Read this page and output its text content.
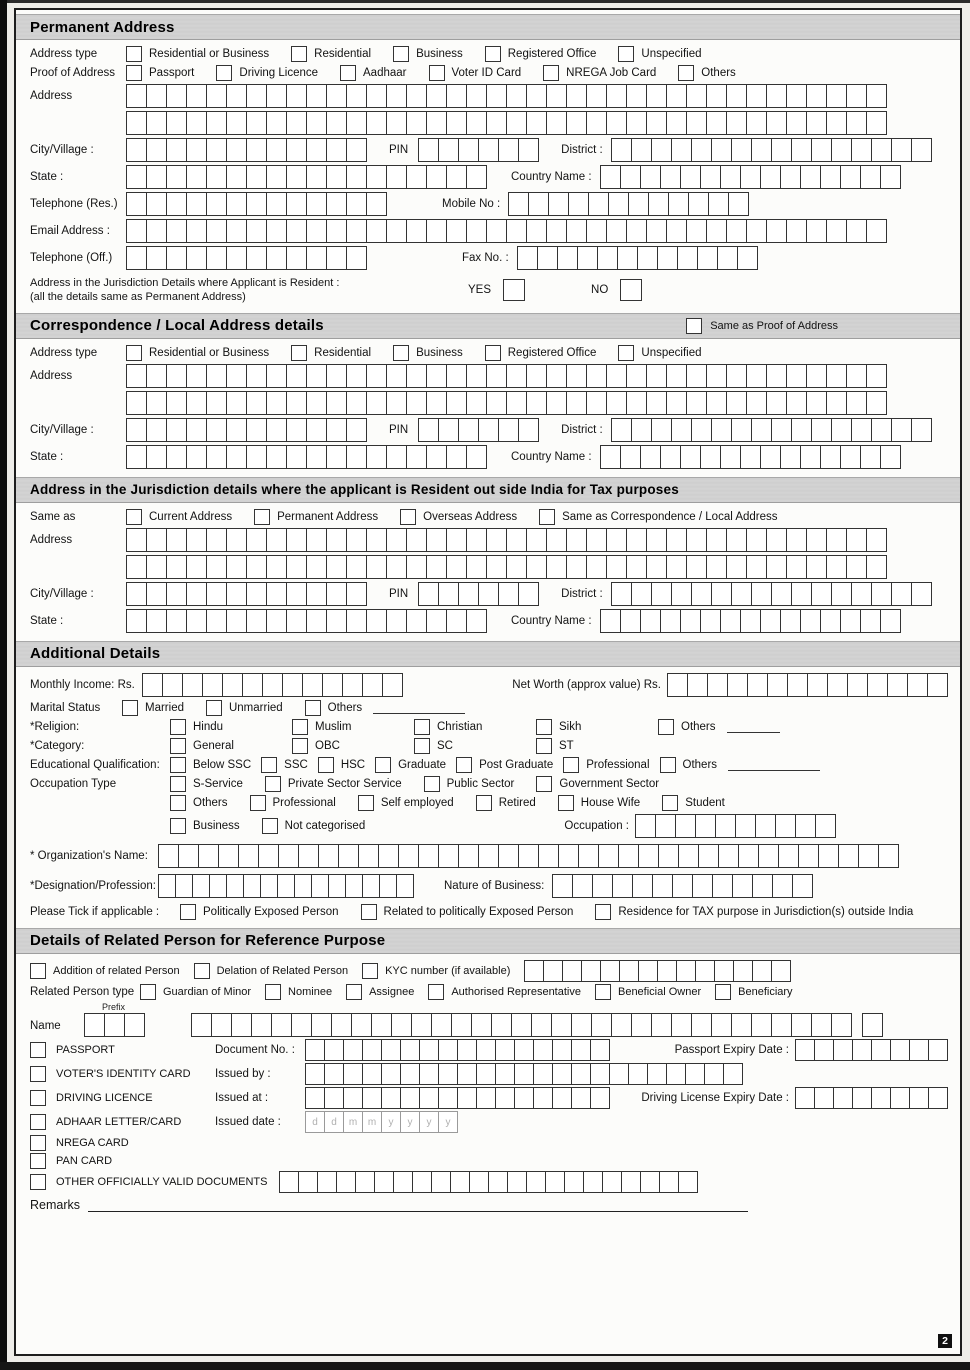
Permanent Address
Address type	Residential or Business	Residential	Business	Registered Office	Unspecified
Proof of Address	Passport	Driving Licence	Aadhaar	Voter ID Card	NREGA Job Card	Others
Address
City/Village :	PIN	District :
State :	Country Name :
Telephone (Res.)	Mobile No :
Email Address :
Telephone (Off.)	Fax No. :
Address in the Jurisdiction Details where Applicant is Resident :
(all the details same as Permanent Address)
YES	NO
Correspondence / Local Address details	Same as Proof of Address
Address type	Residential or Business	Residential	Business	Registered Office	Unspecified
Address
City/Village :	PIN	District :
State :	Country Name :
Address in the Jurisdiction details where the applicant is Resident out side India for Tax purposes
Same as	Current Address	Permanent Address	Overseas Address	Same as Correspondence / Local Address
Address
City/Village :	PIN	District :
State :	Country Name :
Additional Details
Monthly Income: Rs.	Net Worth (approx value) Rs.
Marital Status	Married	Unmarried	Others
*Religion:	Hindu	Muslim	Christian	Sikh	Others
*Category:	General	OBC	SC	ST
Educational Qualification:	Below SSC	SSC	HSC	Graduate	Post Graduate	Professional	Others
Occupation Type	S-Service	Private Sector Service	Public Sector	Government Sector
Others	Professional	Self employed	Retired	House Wife	Student
Business	Not categorised	Occupation :
* Organization's Name:
*Designation/Profession:	Nature of Business:
Please Tick if applicable :	Politically Exposed Person	Related to politically Exposed Person	Residence for TAX purpose in Jurisdiction(s) outside India
Details of Related Person for Reference Purpose
Addition of related Person	Delation of Related Person	KYC number (if available)
Related Person type	Guardian of Minor	Nominee	Assignee	Authorised Representative	Beneficial Owner	Beneficiary
Name
Prefix
PASSPORT	Document No. :	Passport Expiry Date :
VOTER'S IDENTITY CARD Issued by :
DRIVING LICENCE	Issued at :	Driving License Expiry Date :
ADHAAR LETTER/CARD	Issued date :	d	d	m	m	y	y	y	y
NREGA CARD
PAN CARD
OTHER OFFICIALLY VALID DOCUMENTS
Remarks
2
